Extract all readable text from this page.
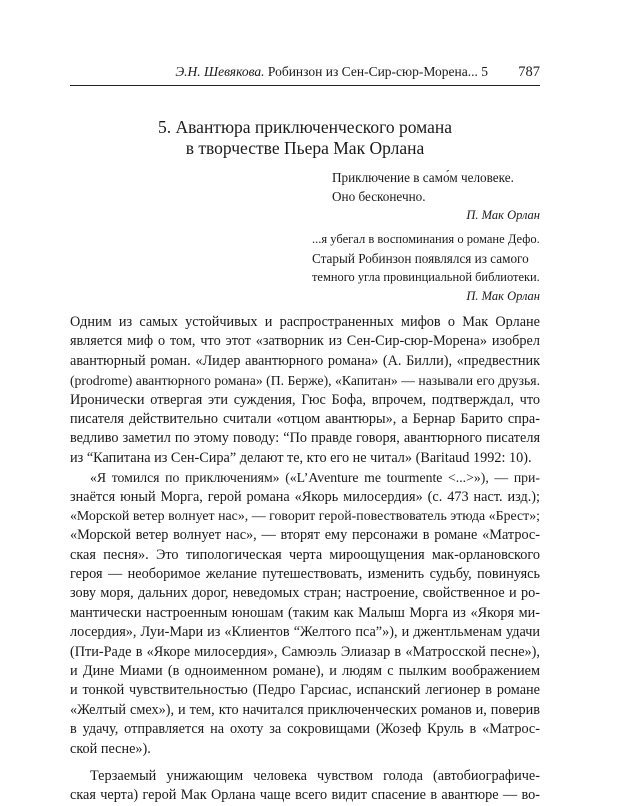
Э.Н. Шевякова. Робинзон из Сен-Сир-сюр-Морена... 5 787
5. Авантюра приключенческого романа
в творчестве Пьера Мак Орлана
Приключение в само́м человеке.
Оно бесконечно.
П. Мак Орлан
...я убегал в воспоминания о романе Дефо.
Старый Робинзон появлялся из самого
темного угла провинциальной библиотеки.
П. Мак Орлан

Одним из самых устойчивых и распространенных мифов о Мак Орлане
является миф о том, что этот «затворник из Сен-Сир-сюр-Морена» изобрел
авантюрный роман. «Лидер авантюрного романа» (А. Билли), «предвестник
(prodrome) авантюрного романа» (П. Берже), «Капитан» — называли его друзья.
Иронически отвергая эти суждения, Гюс Бофа, впрочем, подтверждал, что
писателя действительно считали «отцом авантюры», а Бернар Барито спра-
ведливо заметил по этому поводу: “По правде говоря, авантюрного писателя
из “Капитана из Сен-Сира” делают те, кто его не читал» (Baritaud 1992: 10).

«Я томился по приключениям» («L’Aventure me tourmente <...>»), — при-
знаётся юный Морга, герой романа «Якорь милосердия» (с. 473 наст. изд.);
«Морской ветер волнует нас», — говорит герой-повествователь этюда «Брест»;
«Морской ветер волнует нас», — вторят ему персонажи в романе «Матрос-
ская песня». Это типологическая черта мироощущения мак-орлановского
героя — необоримое желание путешествовать, изменить судьбу, повинуясь
зову моря, дальних дорог, неведомых стран; настроение, свойственное и ро-
мантически настроенным юношам (таким как Малыш Морга из «Якоря ми-
лосердия», Луи-Мари из «Клиентов “Желтого пса”»), и джентльменам удачи
(Пти-Раде в «Якоре милосердия», Самюэль Элиазар в «Матросской песне»),
и Дине Миами (в одноименном романе), и людям с пылким воображением
и тонкой чувствительностью (Педро Гарсиас, испанский легионер в романе
«Желтый смех»), и тем, кто начитался приключенческих романов и, поверив
в удачу, отправляется на охоту за сокровищами (Жозеф Круль в «Матрос-
ской песне»).

Терзаемый унижающим человека чувством голода (автобиографиче-
ская черта) герой Мак Орлана чаще всего видит спасение в авантюре — во-
